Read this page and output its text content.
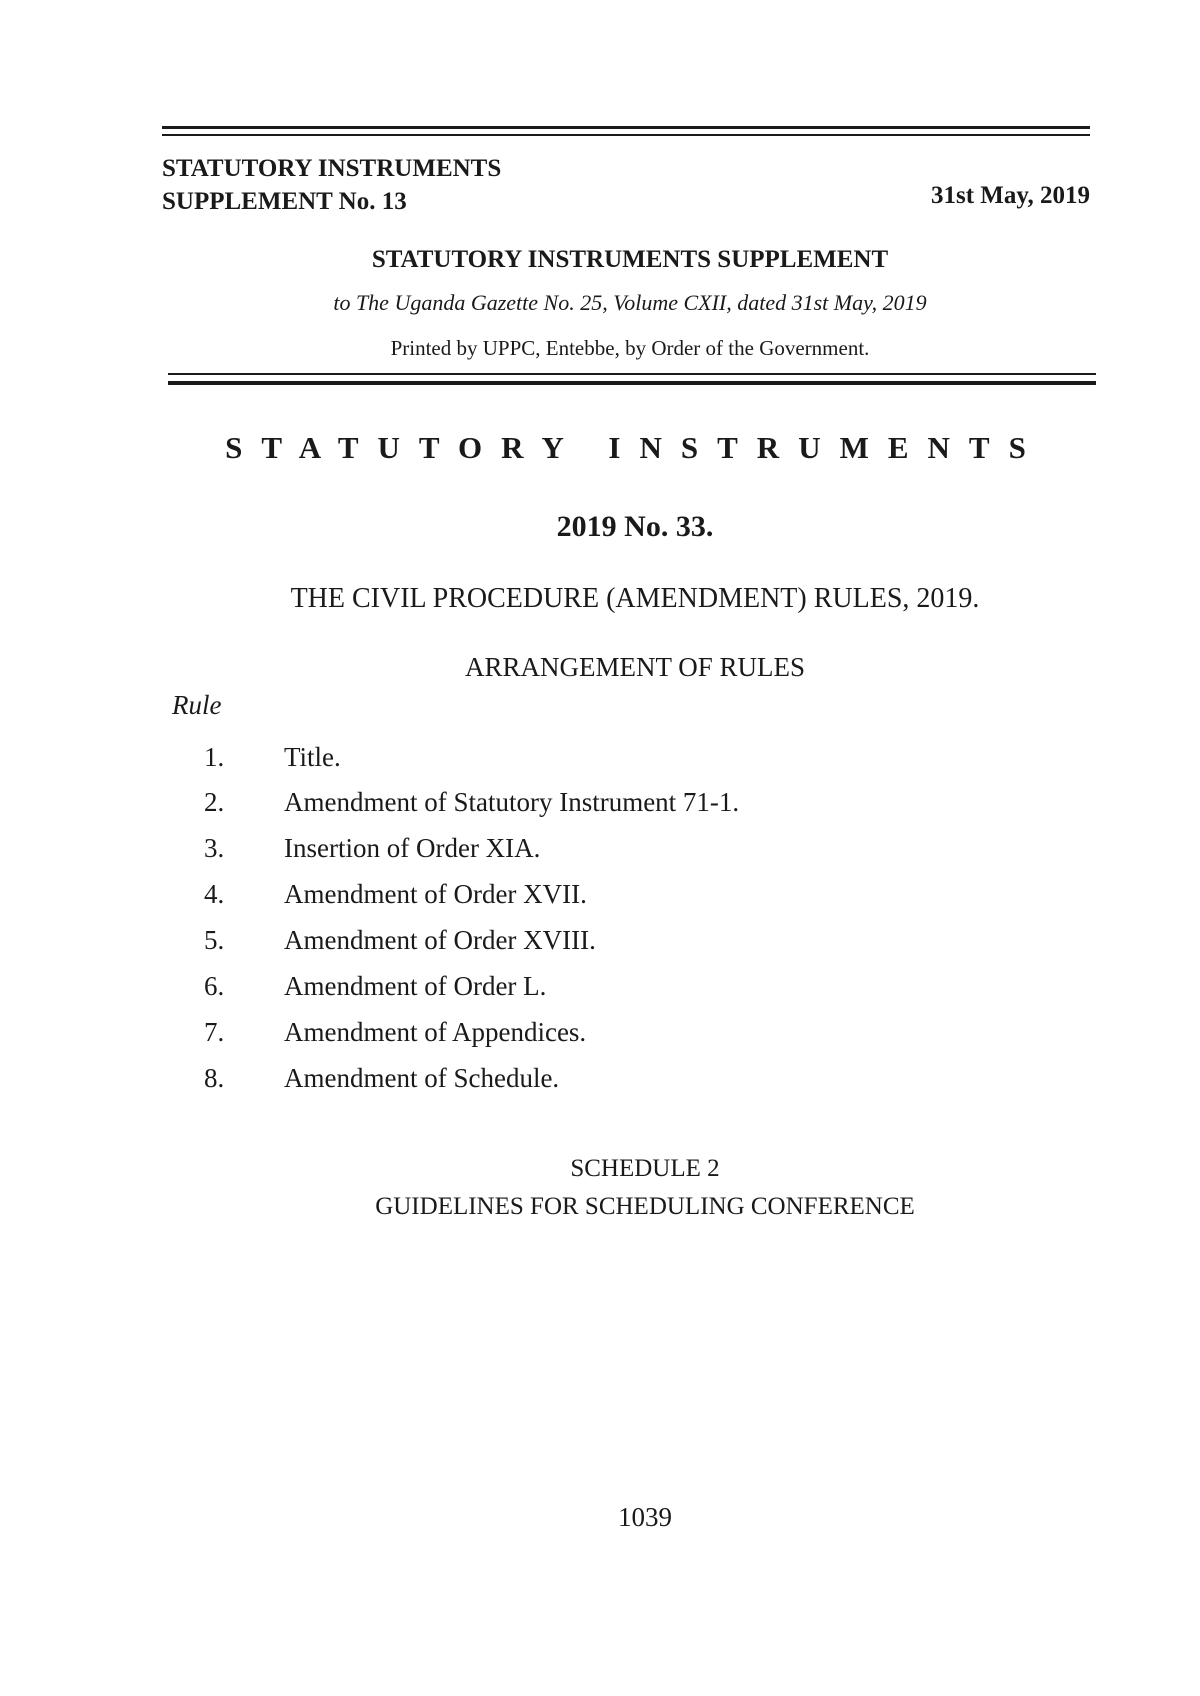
STATUTORY INSTRUMENTS
SUPPLEMENT No. 13	31st May, 2019
STATUTORY INSTRUMENTS SUPPLEMENT
to The Uganda Gazette No. 25, Volume CXII, dated 31st May, 2019
Printed by UPPC, Entebbe, by Order of the Government.
STATUTORY INSTRUMENTS
2019 No. 33.
THE CIVIL PROCEDURE (AMENDMENT) RULES, 2019.
ARRANGEMENT OF RULES
Rule
1.	Title.
2.	Amendment of Statutory Instrument 71-1.
3.	Insertion of Order XIA.
4.	Amendment of Order XVII.
5.	Amendment of Order XVIII.
6.	Amendment of Order L.
7.	Amendment of Appendices.
8.	Amendment of Schedule.
SCHEDULE 2
GUIDELINES FOR SCHEDULING CONFERENCE
1039
